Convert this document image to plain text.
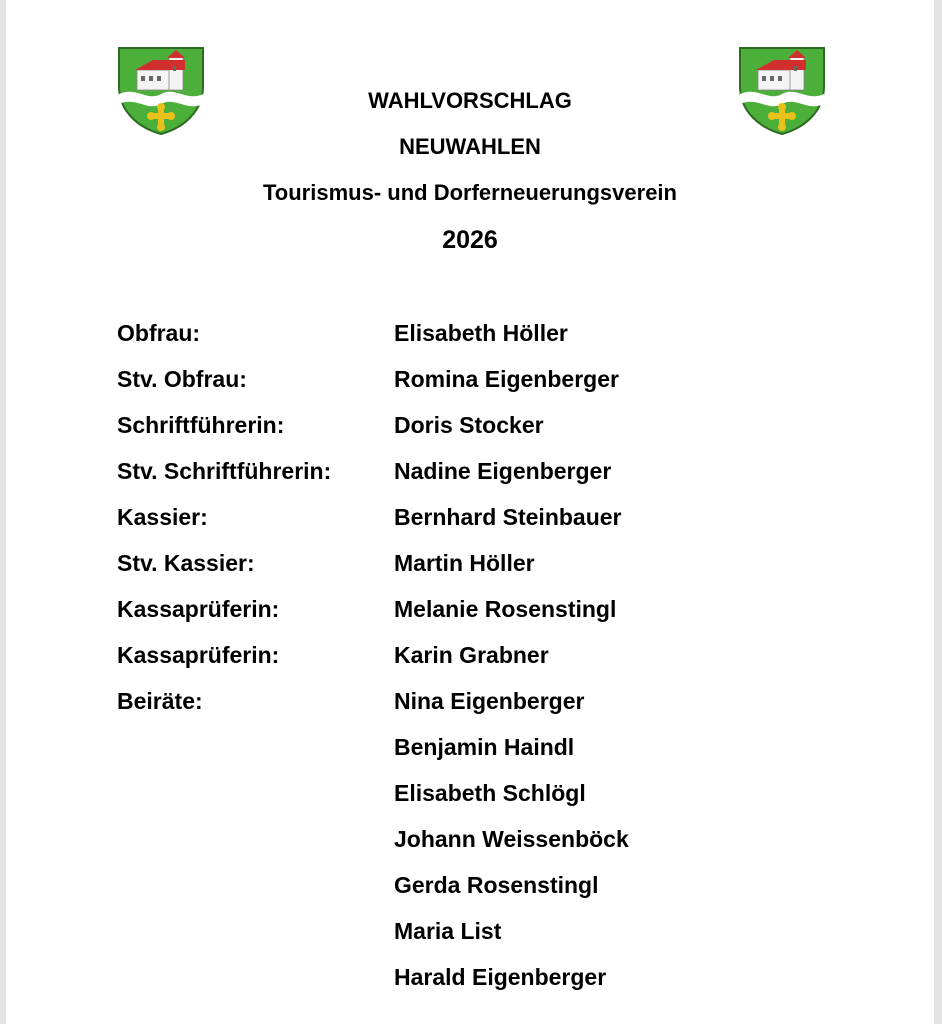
WAHLVORSCHLAG
NEUWAHLEN
Tourismus- und Dorferneuerungsverein
2026
Obfrau:	Elisabeth Höller
Stv. Obfrau:	Romina Eigenberger
Schriftführerin:	Doris Stocker
Stv. Schriftführerin:	Nadine Eigenberger
Kassier:	Bernhard Steinbauer
Stv. Kassier:	Martin Höller
Kassaprüferin:	Melanie Rosenstingl
Kassaprüferin:	Karin Grabner
Beiräte:	Nina Eigenberger
Benjamin Haindl
Elisabeth Schlögl
Johann Weissenböck
Gerda Rosenstingl
Maria List
Harald Eigenberger
